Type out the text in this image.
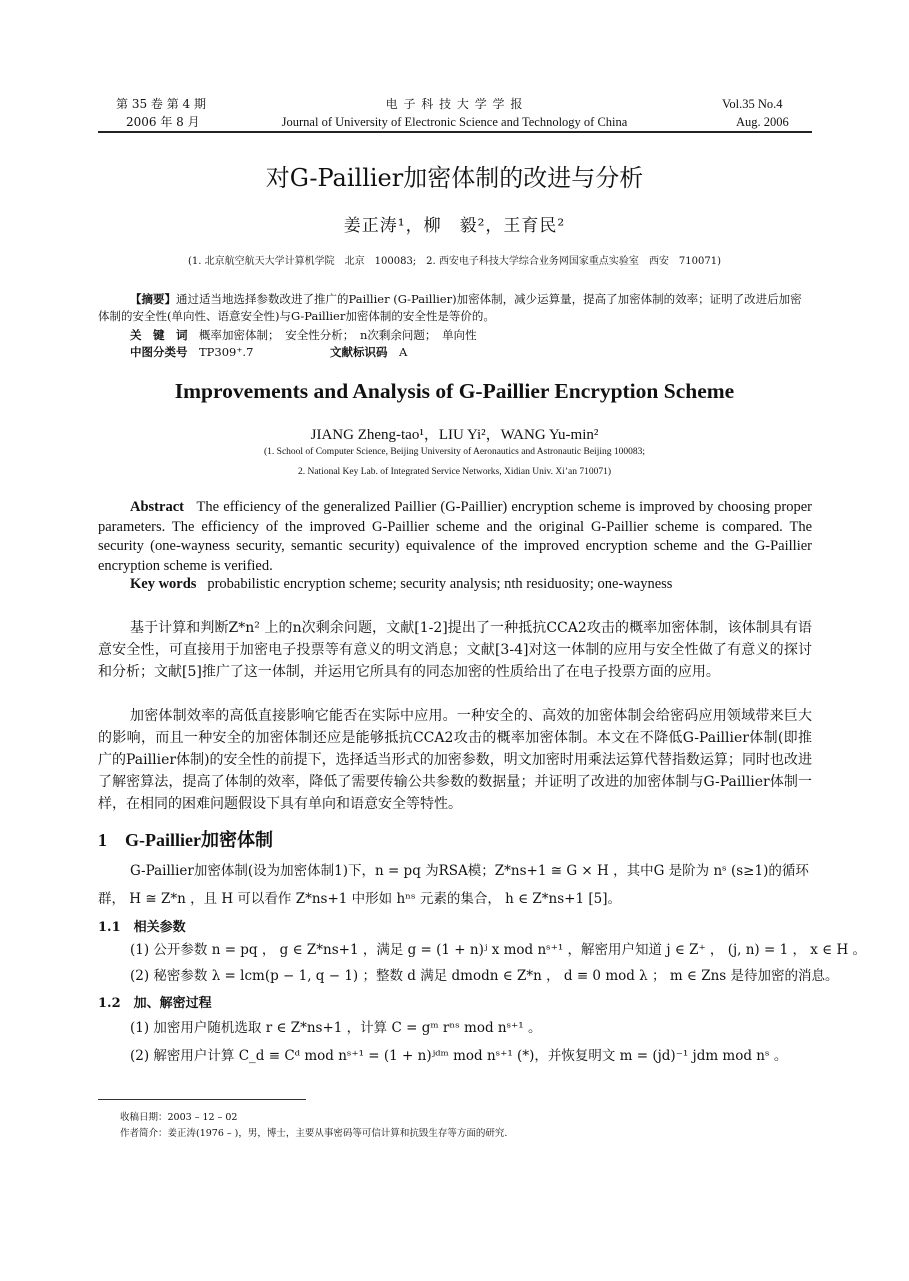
第 35 卷 第 4 期
2006 年 8 月
电 子 科 技 大 学 学 报
Journal of University of Electronic Science and Technology of China
Vol.35 No.4
Aug. 2006
对G-Paillier加密体制的改进与分析
姜正涛¹，柳　毅²，王育民²
(1. 北京航空航天大学计算机学院　北京　100083;　2. 西安电子科技大学综合业务网国家重点实验室　西安　710071)
【摘要】通过适当地选择参数改进了推广的Paillier (G-Paillier)加密体制，减少运算量，提高了加密体制的效率；证明了改进后加密体制的安全性(单向性、语意安全性)与G-Paillier加密体制的安全性是等价的。
关　键　词　 概率加密体制；　安全性分析；　n次剩余问题；　单向性
中图分类号　 TP309⁺.7	文献标识码　 A
Improvements and Analysis of G-Paillier Encryption Scheme
JIANG Zheng-tao¹，LIU Yi²，WANG Yu-min²
(1. School of Computer Science, Beijing University of Aeronautics and Astronautic Beijing 100083;
2. National Key Lab. of Integrated Service Networks, Xidian Univ. Xi’an 710071)
Abstract The efficiency of the generalized Paillier (G-Paillier) encryption scheme is improved by choosing proper parameters. The efficiency of the improved G-Paillier scheme and the original G-Paillier scheme is compared. The security (one-wayness security, semantic security) equivalence of the improved encryption scheme and the G-Paillier encryption scheme is verified.
Key words probabilistic encryption scheme; security analysis; nth residuosity; one-wayness
基于计算和判断Z*n² 上的n次剩余问题，文献[1-2]提出了一种抵抗CCA2攻击的概率加密体制，该体制具有语意安全性，可直接用于加密电子投票等有意义的明文消息；文献[3-4]对这一体制的应用与安全性做了有意义的探讨和分析；文献[5]推广了这一体制，并运用它所具有的同态加密的性质给出了在电子投票方面的应用。
加密体制效率的高低直接影响它能否在实际中应用。一种安全的、高效的加密体制会给密码应用领域带来巨大的影响，而且一种安全的加密体制还应是能够抵抗CCA2攻击的概率加密体制。本文在不降低G-Paillier体制(即推广的Paillier体制)的安全性的前提下，选择适当形式的加密参数，明文加密时用乘法运算代替指数运算；同时也改进了解密算法，提高了体制的效率，降低了需要传输公共参数的数据量；并证明了改进的加密体制与G-Paillier体制一样，在相同的困难问题假设下具有单向和语意安全等特性。
1　G-Paillier加密体制
G-Paillier加密体制(设为加密体制1)下，n = pq 为RSA模；Z*ns+1 ≅ G × H ，其中G 是阶为 nˢ (s≥1)的循环
群， H ≅ Z*n ，且 H 可以看作 Z*ns+1 中形如 hⁿˢ 元素的集合， h ∈ Z*ns+1 [5]。
1.1　相关参数
(1) 公开参数 n = pq ， g ∈ Z*ns+1 ，满足 g = (1 + n)ʲ x mod nˢ⁺¹ ，解密用户知道 j ∈ Z⁺ ， (j, n) = 1 ， x ∈ H 。
(2) 秘密参数 λ = lcm(p − 1, q − 1) ；整数 d 满足 dmodn ∈ Z*n ， d ≡ 0 mod λ ； m ∈ Zns 是待加密的消息。
1.2　加、解密过程
(1) 加密用户随机选取 r ∈ Z*ns+1 ，计算 C = gᵐ rⁿˢ mod nˢ⁺¹ 。
(2) 解密用户计算 C_d ≡ Cᵈ mod nˢ⁺¹ = (1 + n)ʲᵈᵐ mod nˢ⁺¹ (*)，并恢复明文 m = (jd)⁻¹ jdm mod nˢ 。
收稿日期：2003 – 12 – 02
作者简介：姜正涛(1976 – )，男，博士，主要从事密码等可信计算和抗毁生存等方面的研究.
